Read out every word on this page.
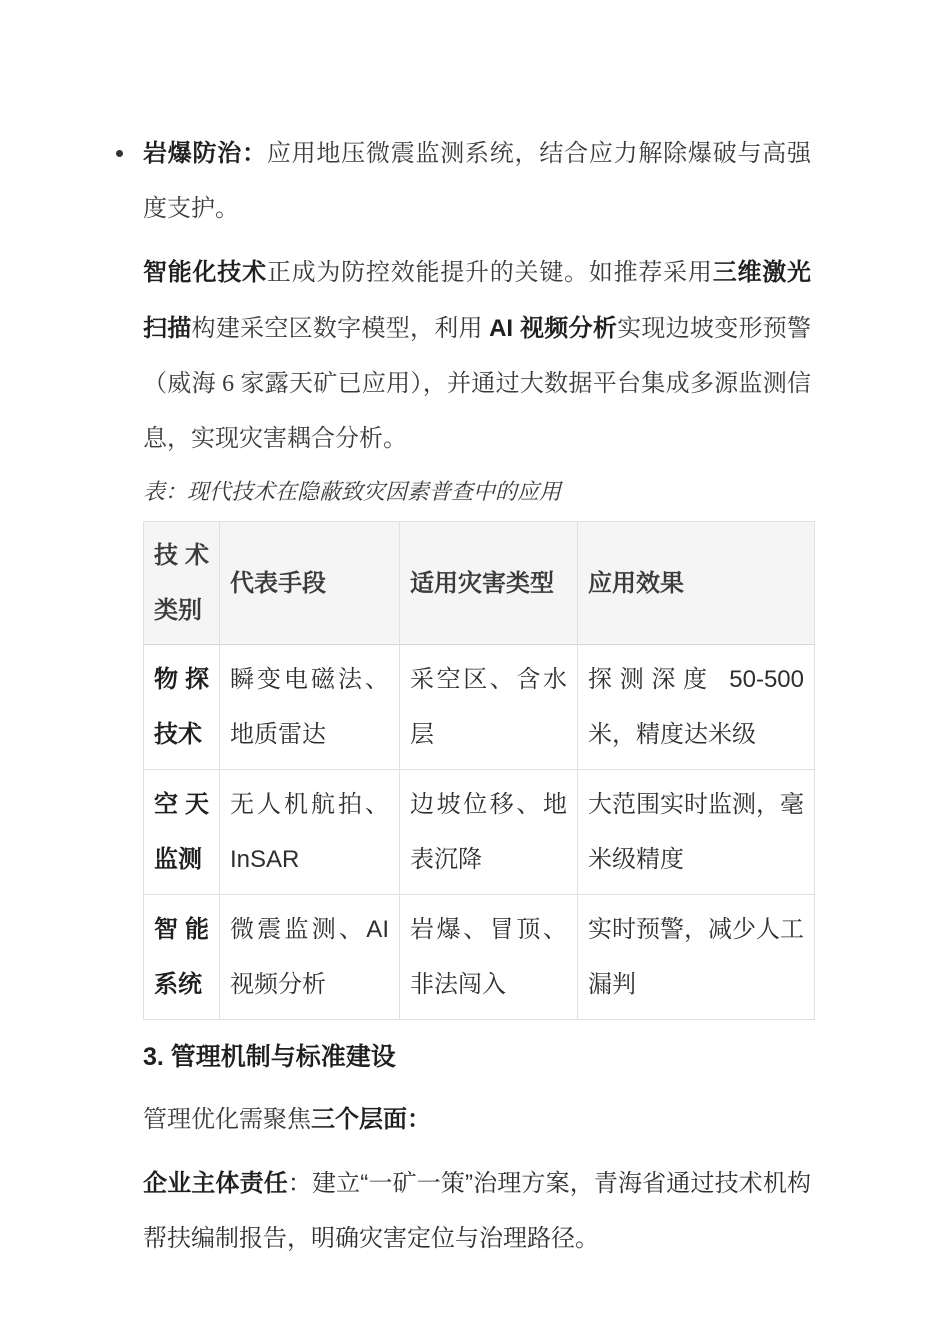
岩爆防治：应用地压微震监测系统，结合应力解除爆破与高强度支护。

智能化技术正成为防控效能提升的关键。如推荐采用三维激光扫描构建采空区数字模型，利用 AI 视频分析实现边坡变形预警（威海 6 家露天矿已应用），并通过大数据平台集成多源监测信息，实现灾害耦合分析。

表：现代技术在隐蔽致灾因素普查中的应用

技术类别	代表手段	适用灾害类型	应用效果
物探技术	瞬变电磁法、地质雷达	采空区、含水层	探测深度 50-500 米，精度达米级
空天监测	无人机航拍、InSAR	边坡位移、地表沉降	大范围实时监测，毫米级精度
智能系统	微震监测、AI 视频分析	岩爆、冒顶、非法闯入	实时预警，减少人工漏判
3. 管理机制与标准建设

管理优化需聚焦三个层面：

企业主体责任：建立“一矿一策”治理方案，青海省通过技术机构帮扶编制报告，明确灾害定位与治理路径。
